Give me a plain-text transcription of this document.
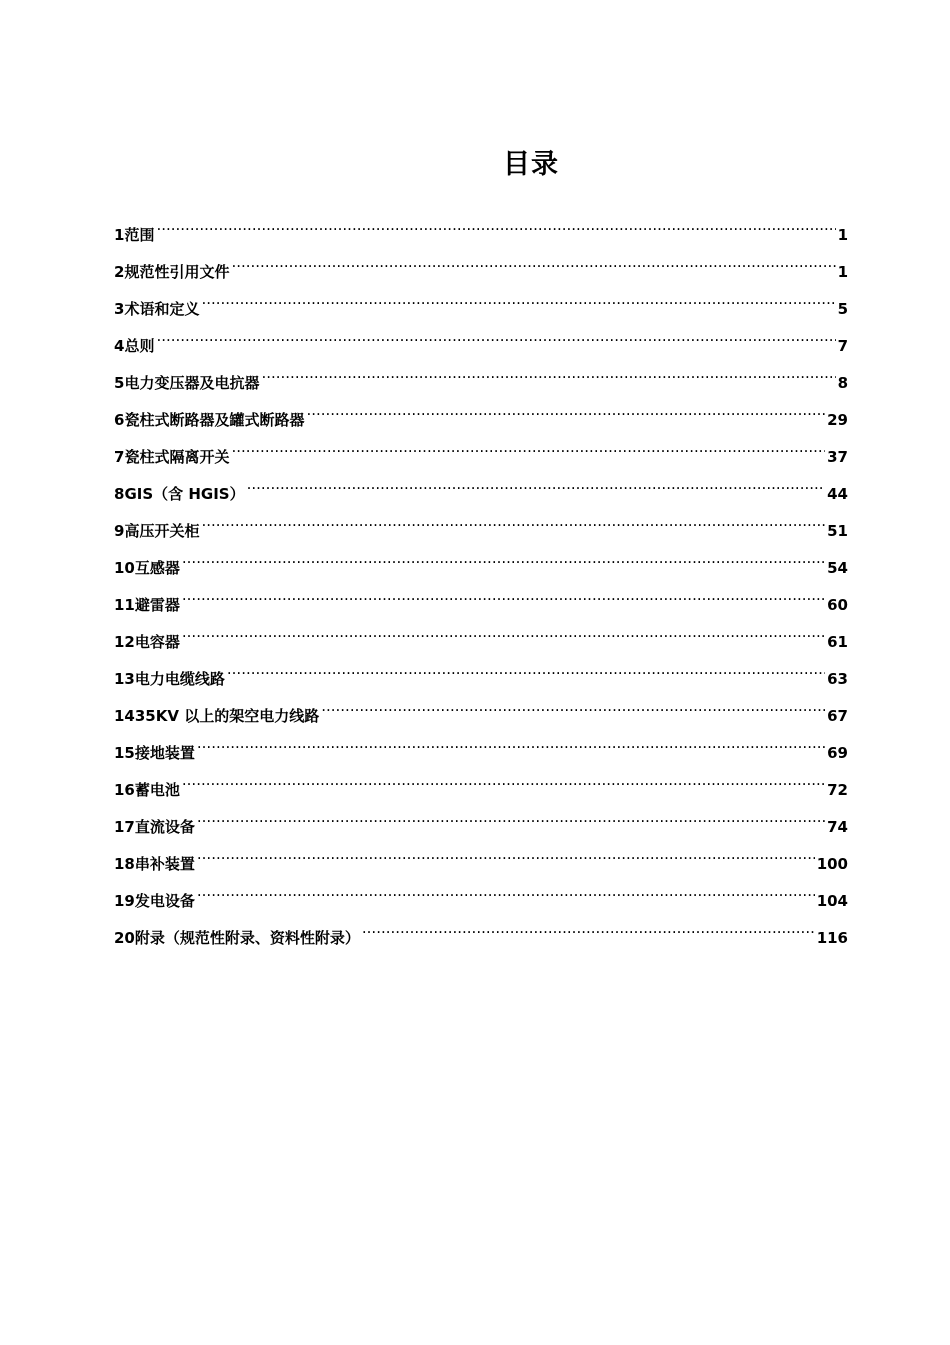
目录
1 范围 .....	1
2 规范性引用文件 .....	1
3 术语和定义 .....	5
4 总则 .....	7
5 电力变压器及电抗器 .....	8
6 瓷柱式断路器及罐式断路器 .....	29
7 瓷柱式隔离开关 .....	37
8 GIS（含 HGIS） .....	44
9 高压开关柜 .....	51
10 互感器 .....	54
11 避雷器 .....	60
12 电容器 .....	61
13 电力电缆线路 .....	63
14 35KV 以上的架空电力线路 .....	67
15 接地装置 .....	69
16 蓄电池 .....	72
17 直流设备 .....	74
18 串补装置 .....	100
19 发电设备 .....	104
20 附录（规范性附录、资料性附录） .....	116
